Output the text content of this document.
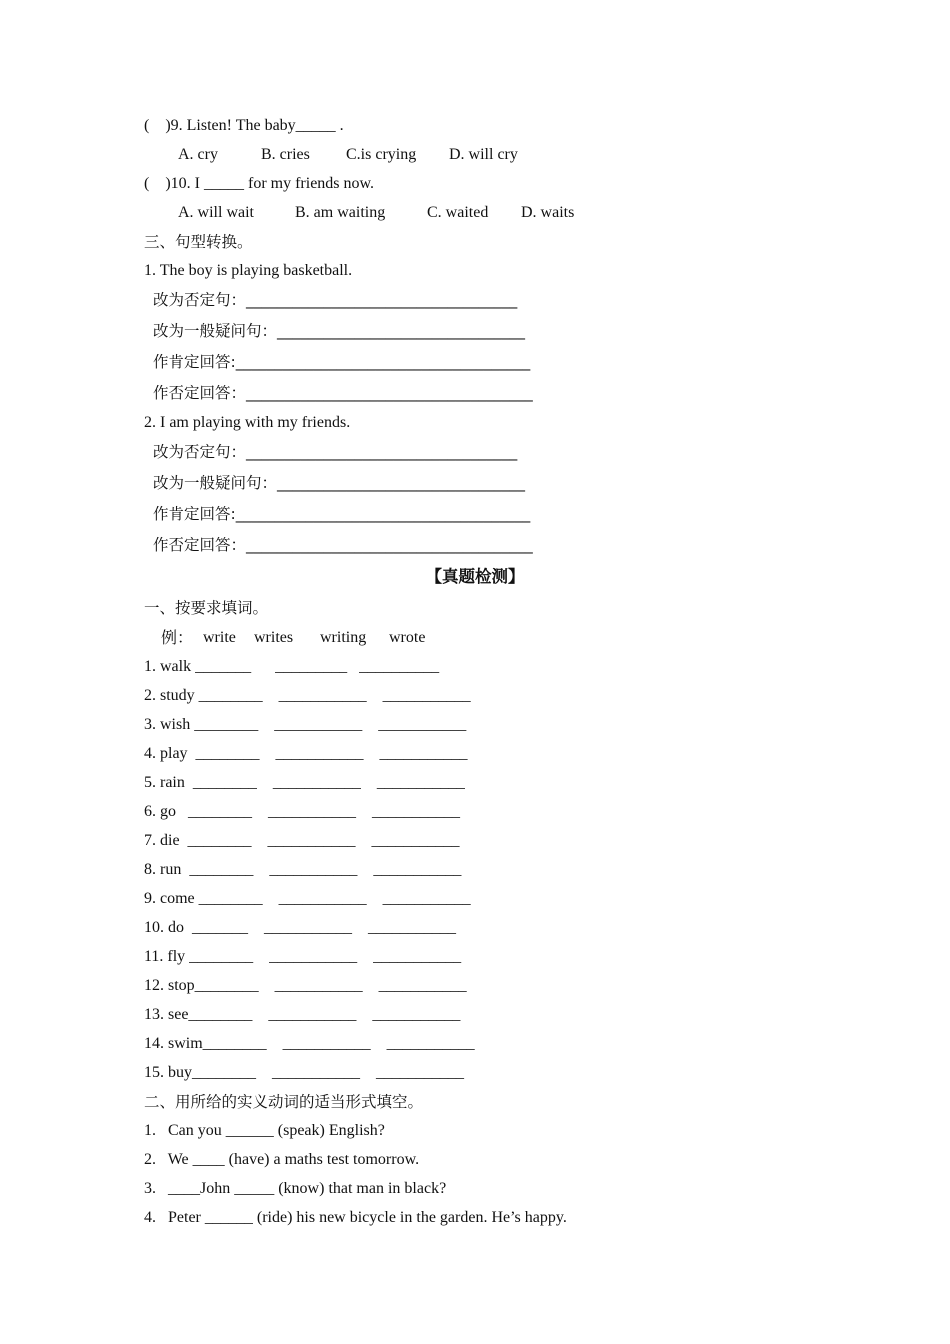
(    )9. Listen! The baby_____ .
A. cry	B. cries C.is crying D. will cry
(    )10. I _____ for my friends now.
A. will wait	B. am waiting	C. waited D. waits
三、句型转换。
1. The boy is playing basketball.
改为否定句：___________________________________
改为一般疑问句：________________________________
作肯定回答:______________________________________
作否定回答：_____________________________________
2. I am playing with my friends.
改为否定句：___________________________________
改为一般疑问句：________________________________
作肯定回答:______________________________________
作否定回答：_____________________________________
【真题检测】
一、按要求填词。
例： write writes writing wrote
1. walk _______      _________   __________
2. study ________    ___________    ___________
3. wish ________    ___________    ___________
4. play  ________    ___________    ___________
5. rain  ________    ___________    ___________
6. go   ________    ___________    ___________
7. die  ________    ___________    ___________
8. run  ________    ___________    ___________
9. come ________    ___________    ___________
10. do  _______    ___________    ___________
11. fly ________    ___________    ___________
12. stop________    ___________    ___________
13. see________    ___________    ___________
14. swim________    ___________    ___________
15. buy________    ___________    ___________
二、用所给的实义动词的适当形式填空。
1.   Can you ______ (speak) English?
2.   We ____ (have) a maths test tomorrow.
3.   ____John _____ (know) that man in black?
4.   Peter ______ (ride) his new bicycle in the garden. He’s happy.
